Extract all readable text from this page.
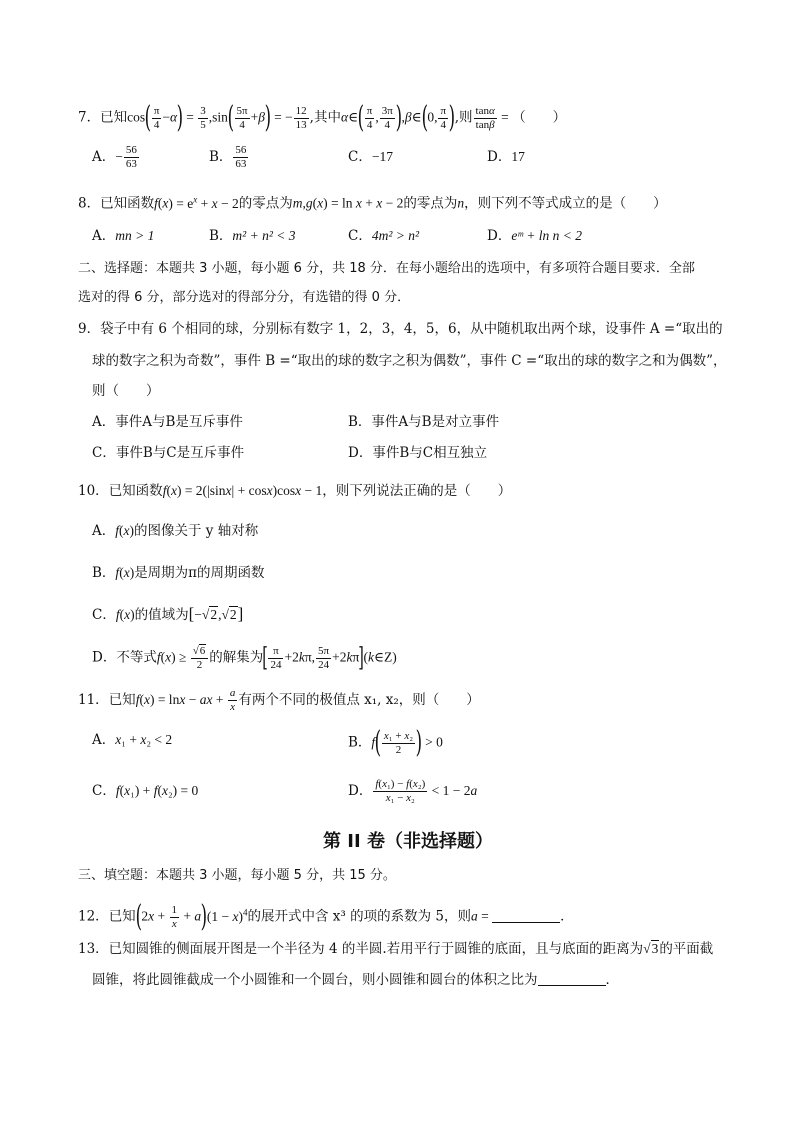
7．已知$\cos( \frac{\pi}{4} -\alpha) = \frac{3}{5} ,\sin( \frac{5\pi}{4} +\beta)$ = − $\frac{12}{13}$ ,其中α∈( $\frac{\pi}{4}$ , $\frac{3\pi}{4}$ ),β∈(0, $\frac{\pi}{4}$ ),则 $\frac{\tan\alpha}{\tan\beta}$ = （　　）
A．− $\frac{56}{63}$	B． $\frac{56}{63}$	C．−17	D．17
8．已知函数$f(x) = e^x + x - 2$的零点为m,g(x) = ln x + x − 2的零点为n，则下列不等式成立的是（　　）
A．mn > 1	B．m² + n² < 3	C．4m² > n²	D．eᵐ + ln n < 2
二、选择题：本题共 3 小题，每小题 6 分，共 18 分．在每小题给出的选项中，有多项符合题目要求．全部
选对的得 6 分，部分选对的得部分分，有选错的得 0 分．
9．袋子中有 6 个相同的球，分别标有数字 1，2，3，4，5，6，从中随机取出两个球，设事件 A =“取出的
球的数字之积为奇数”，事件 B =“取出的球的数字之积为偶数”，事件 C =“取出的球的数字之和为偶数”，
则（　　）
A．事件A与B是互斥事件	B．事件A与B是对立事件
C．事件B与C是互斥事件	D．事件B与C相互独立
10．已知函数f(x) = 2(|sinx| + cosx)cosx − 1，则下列说法正确的是（　　）
A．f(x)的图像关于 y 轴对称
B．f(x)是周期为π的周期函数
C．f(x)的值域为[−√2,√2]
D．不等式$f(x) \ge \frac{√6}{2}$ 的解集为[ $\frac{\pi}{24} +2k\pi$, $\frac{5\pi}{24}$ +2kπ](k∈Z)
11．已知f(x) = lnx − ax + $\frac{a}{x}$ 有两个不同的极值点 x₁, x₂，则（　　）
A．x₁ + x₂ < 2	B．$f( \frac{\text{x₁ + x₂}}{2}$ ) > 0
C．f(x₁) + f(x₂) = 0	D． $\frac{\text{f(x₁) − f(x₂)}}{\text{x₁ − x₂}} < 1 - 2a$
第 II 卷（非选择题）
三、填空题：本题共 3 小题，每小题 5 分，共 15 分。
12．已知$(2x + \frac{1}{x} + a)(1 - x)^4$的展开式中含 x³ 的项的系数为 5，则a =	．
13．已知圆锥的侧面展开图是一个半径为 4 的半圆.若用平行于圆锥的底面，且与底面的距离为√3的平面截
圆锥，将此圆锥截成一个小圆锥和一个圆台，则小圆锥和圆台的体积之比为	．
